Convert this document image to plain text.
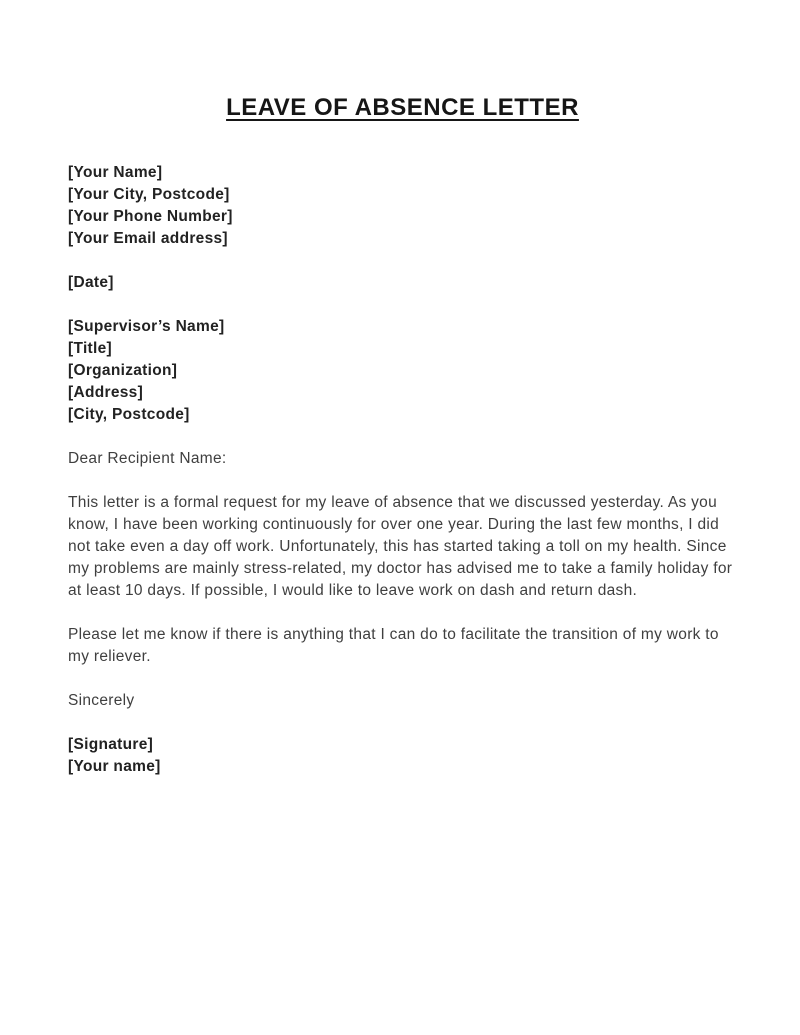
LEAVE OF ABSENCE LETTER
[Your Name]
[Your City, Postcode]
[Your Phone Number]
[Your Email address]
[Date]
[Supervisor’s Name]
[Title]
[Organization]
[Address]
[City, Postcode]

Dear Recipient Name:

This letter is a formal request for my leave of absence that we discussed yesterday. As you know, I have been working continuously for over one year. During the last few months, I did not take even a day off work. Unfortunately, this has started taking a toll on my health. Since my problems are mainly stress-related, my doctor has advised me to take a family holiday for at least 10 days. If possible, I would like to leave work on dash and return dash.

Please let me know if there is anything that I can do to facilitate the transition of my work to my reliever.

Sincerely

[Signature]
[Your name]
